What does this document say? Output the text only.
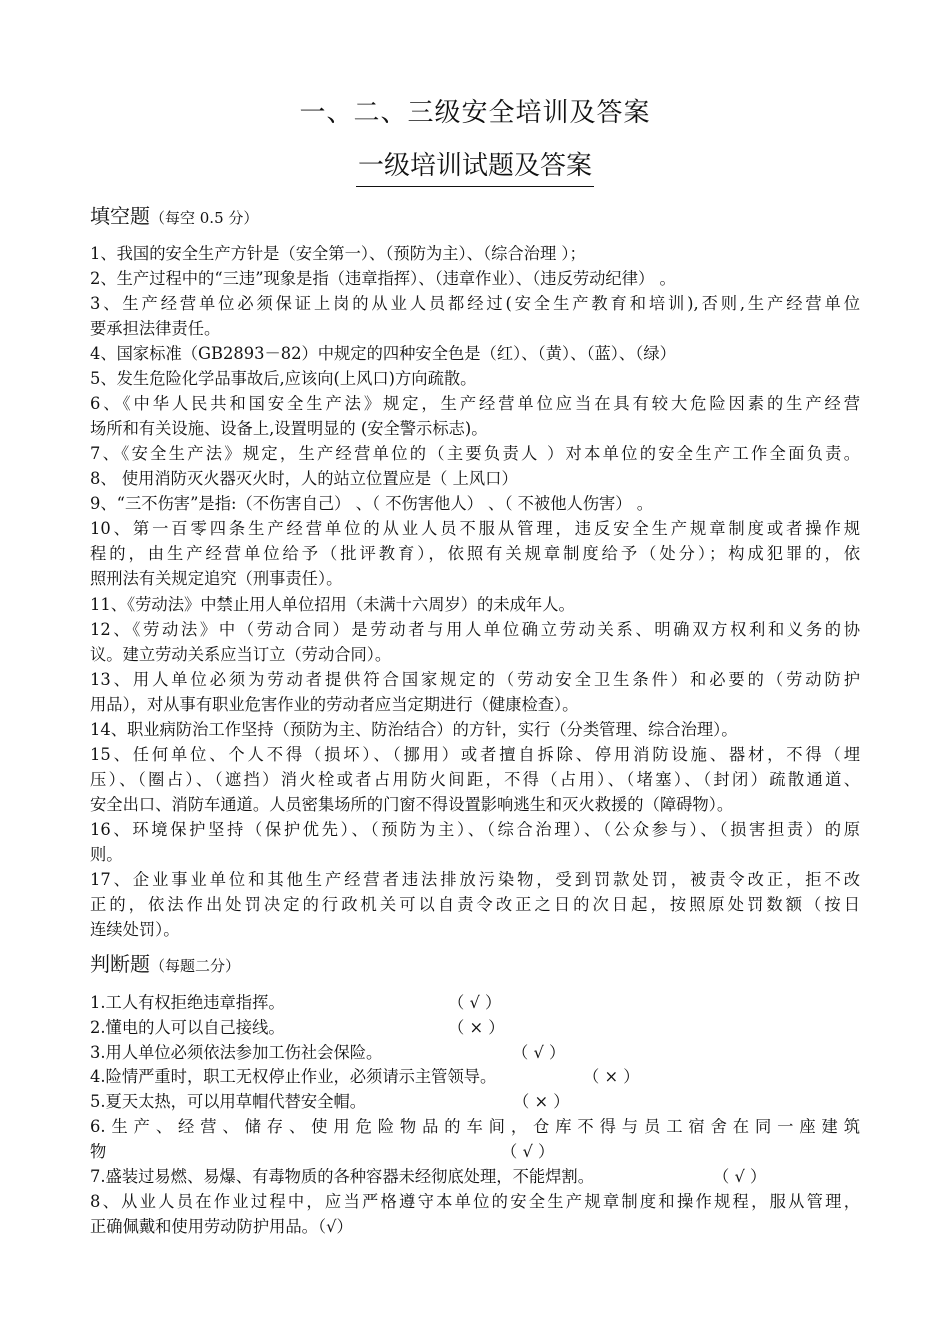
一、二、三级安全培训及答案
一级培训试题及答案
填空题（每空 0.5 分）
1、我国的安全生产方针是（安全第一）、（预防为主）、（综合治理 ）；
2、生产过程中的“三违”现象是指（违章指挥）、（违章作业）、（违反劳动纪律） 。
3、生产经营单位必须保证上岗的从业人员都经过(安全生产教育和培训),否则,生产经营单位
要承担法律责任。
4、国家标准（GB2893－82）中规定的四种安全色是（红）、（黄）、（蓝）、（绿）
5、发生危险化学品事故后,应该向(上风口)方向疏散。
6、《中华人民共和国安全生产法》规定，生产经营单位应当在具有较大危险因素的生产经营
场所和有关设施、设备上,设置明显的 (安全警示标志)。
7、《安全生产法》规定，生产经营单位的（主要负责人 ）对本单位的安全生产工作全面负责。
8、 使用消防灭火器灭火时，人的站立位置应是（ 上风口）
9、“三不伤害”是指:（不伤害自己） 、（ 不伤害他人） 、（ 不被他人伤害） 。
10、第一百零四条生产经营单位的从业人员不服从管理，违反安全生产规章制度或者操作规
程的，由生产经营单位给予（批评教育），依照有关规章制度给予（处分）；构成犯罪的，依
照刑法有关规定追究（刑事责任）。
11、《劳动法》中禁止用人单位招用（未满十六周岁）的未成年人。
12、《劳动法》中（劳动合同）是劳动者与用人单位确立劳动关系、明确双方权利和义务的协
议。建立劳动关系应当订立（劳动合同）。
13、用人单位必须为劳动者提供符合国家规定的（劳动安全卫生条件）和必要的（劳动防护
用品），对从事有职业危害作业的劳动者应当定期进行（健康检查）。
14、职业病防治工作坚持（预防为主、防治结合）的方针，实行（分类管理、综合治理）。
15、任何单位、个人不得（损坏）、（挪用）或者擅自拆除、停用消防设施、器材，不得（埋
压）、（圈占）、（遮挡）消火栓或者占用防火间距，不得（占用）、（堵塞）、（封闭）疏散通道、
安全出口、消防车通道。人员密集场所的门窗不得设置影响逃生和灭火救援的（障碍物）。
16、环境保护坚持（保护优先）、（预防为主）、（综合治理）、（公众参与）、（损害担责）的原
则。
17、企业事业单位和其他生产经营者违法排放污染物，受到罚款处罚，被责令改正，拒不改
正的，依法作出处罚决定的行政机关可以自责令改正之日的次日起，按照原处罚数额（按日
连续处罚）。
判断题（每题二分）
1.工人有权拒绝违章指挥。	（ √ ）
2.懂电的人可以自己接线。	（ × ）
3.用人单位必须依法参加工伤社会保险。	（ √ ）
4.险情严重时，职工无权停止作业，必须请示主管领导。	（ × ）
5.夏天太热，可以用草帽代替安全帽。	（ × ）
6.生产、经营、储存、使用危险物品的车间，仓库不得与员工宿舍在同一座建筑
物	（ √ ）
7.盛装过易燃、易爆、有毒物质的各种容器未经彻底处理，不能焊割。	（ √ ）
8、从业人员在作业过程中，应当严格遵守本单位的安全生产规章制度和操作规程，服从管理，
正确佩戴和使用劳动防护用品。（√）
